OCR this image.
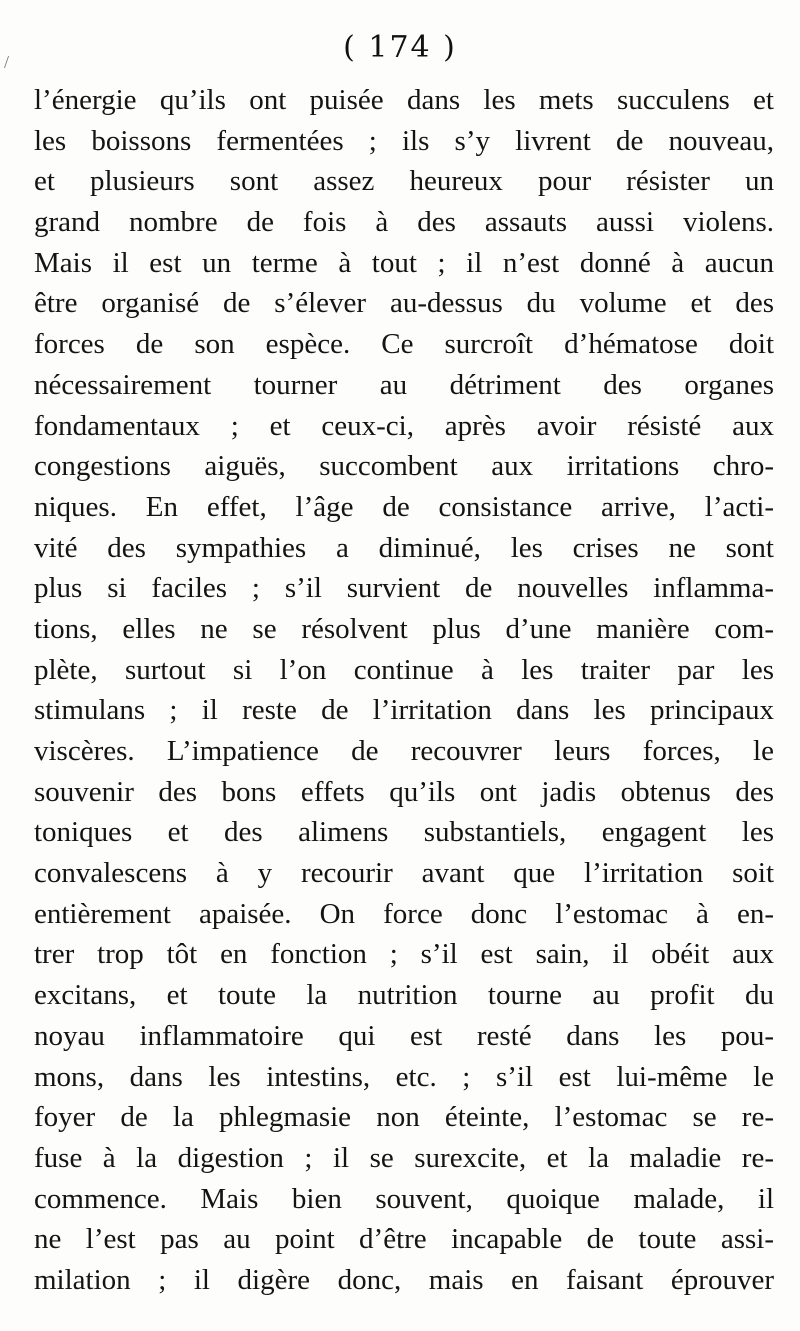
( 174 )
/
l’énergie qu’ils ont puisée dans les mets succulens et
les boissons fermentées ; ils s’y livrent de nouveau,
et plusieurs sont assez heureux pour résister un
grand nombre de fois à des assauts aussi violens.
Mais il est un terme à tout ; il n’est donné à aucun
être organisé de s’élever au-dessus du volume et des
forces de son espèce. Ce surcroît d’hématose doit
nécessairement tourner au détriment des organes
fondamentaux ; et ceux-ci, après avoir résisté aux
congestions aiguës, succombent aux irritations chro-
niques. En effet, l’âge de consistance arrive, l’acti-
vité des sympathies a diminué, les crises ne sont
plus si faciles ; s’il survient de nouvelles inflamma-
tions, elles ne se résolvent plus d’une manière com-
plète, surtout si l’on continue à les traiter par les
stimulans ; il reste de l’irritation dans les principaux
viscères. L’impatience de recouvrer leurs forces, le
souvenir des bons effets qu’ils ont jadis obtenus des
toniques et des alimens substantiels, engagent les
convalescens à y recourir avant que l’irritation soit
entièrement apaisée. On force donc l’estomac à en-
trer trop tôt en fonction ; s’il est sain, il obéit aux
excitans, et toute la nutrition tourne au profit du
noyau inflammatoire qui est resté dans les pou-
mons, dans les intestins, etc. ; s’il est lui-même le
foyer de la phlegmasie non éteinte, l’estomac se re-
fuse à la digestion ; il se surexcite, et la maladie re-
commence. Mais bien souvent, quoique malade, il
ne l’est pas au point d’être incapable de toute assi-
milation ; il digère donc, mais en faisant éprouver
